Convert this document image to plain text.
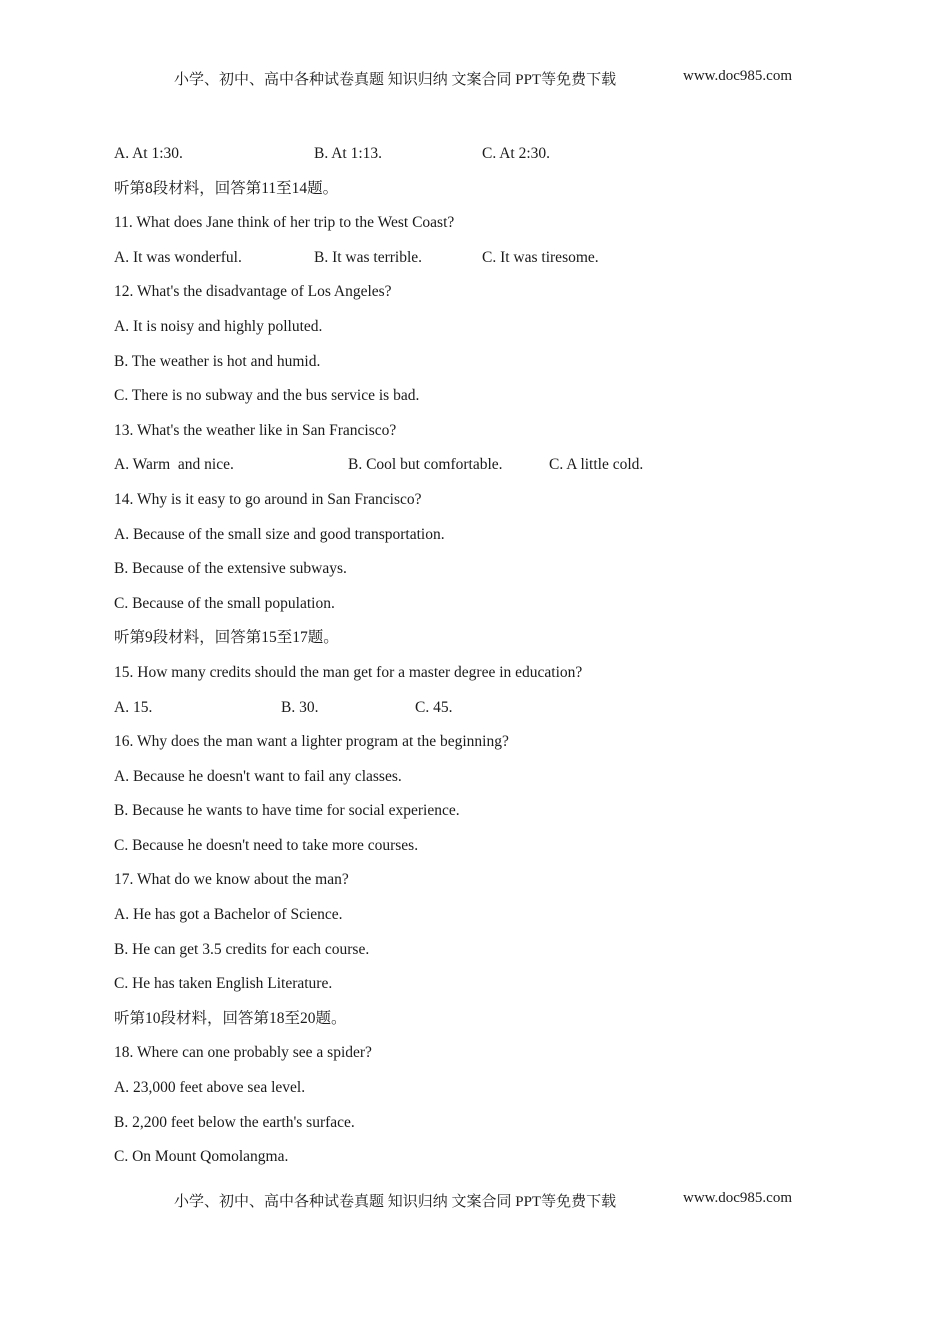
小学、初中、高中各种试卷真题 知识归纳 文案合同 PPT等免费下载	www.doc985.com
A. At 1:30.	B. At 1:13.	C. At 2:30.
听第8段材料，回答第11至14题。
11. What does Jane think of her trip to the West Coast?
A. It was wonderful.	B. It was terrible.	C. It was tiresome.
12. What's the disadvantage of Los Angeles?
A. It is noisy and highly polluted.
B. The weather is hot and humid.
C. There is no subway and the bus service is bad.
13. What's the weather like in San Francisco?
A. Warm  and nice.	B. Cool but comfortable.	C. A little cold.
14. Why is it easy to go around in San Francisco?
A. Because of the small size and good transportation.
B. Because of the extensive subways.
C. Because of the small population.
听第9段材料，回答第15至17题。
15. How many credits should the man get for a master degree in education?
A. 15.	B. 30.	C. 45.
16. Why does the man want a lighter program at the beginning?
A. Because he doesn't want to fail any classes.
B. Because he wants to have time for social experience.
C. Because he doesn't need to take more courses.
17. What do we know about the man?
A. He has got a Bachelor of Science.
B. He can get 3.5 credits for each course.
C. He has taken English Literature.
听第10段材料，回答第18至20题。
18. Where can one probably see a spider?
A. 23,000 feet above sea level.
B. 2,200 feet below the earth's surface.
C. On Mount Qomolangma.
小学、初中、高中各种试卷真题 知识归纳 文案合同 PPT等免费下载	www.doc985.com
